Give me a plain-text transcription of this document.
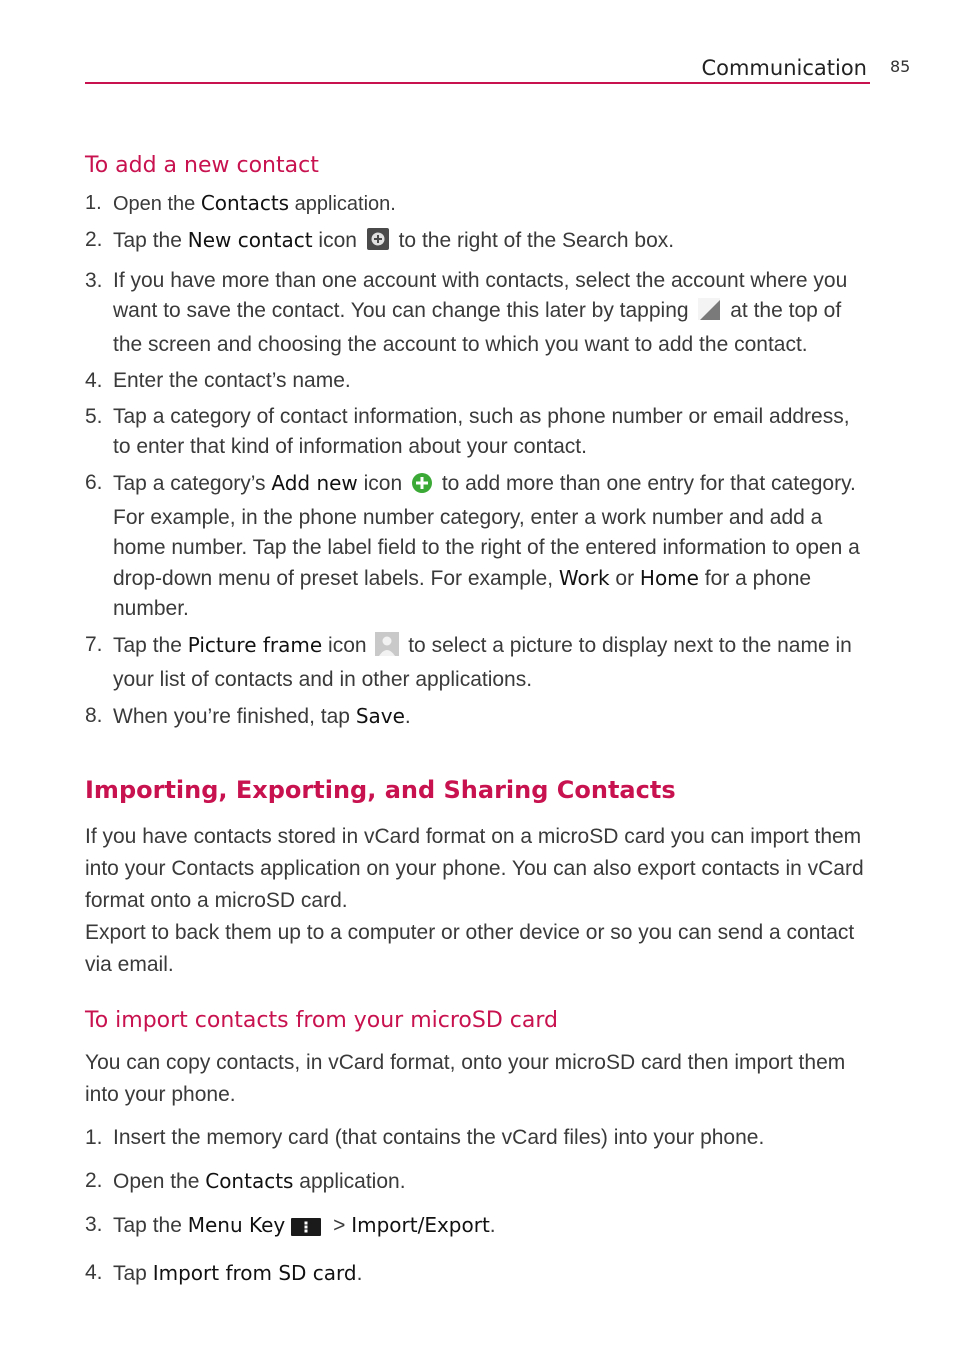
Communication 85
To add a new contact
1. Open the Contacts application.
2. Tap the New contact icon  to the right of the Search box.
3. If you have more than one account with contacts, select the account where you want to save the contact. You can change this later by tapping  at the top of the screen and choosing the account to which you want to add the contact.
4. Enter the contact’s name.
5. Tap a category of contact information, such as phone number or email address, to enter that kind of information about your contact.
6. Tap a category’s Add new icon  to add more than one entry for that category. For example, in the phone number category, enter a work number and add a home number. Tap the label field to the right of the entered information to open a drop-down menu of preset labels. For example, Work or Home for a phone number.
7. Tap the Picture frame icon  to select a picture to display next to the name in your list of contacts and in other applications.
8. When you’re finished, tap Save.
Importing, Exporting, and Sharing Contacts

If you have contacts stored in vCard format on a microSD card you can import them into your Contacts application on your phone. You can also export contacts in vCard format onto a microSD card.
Export to back them up to a computer or other device or so you can send a contact via email.

To import contacts from your microSD card

You can copy contacts, in vCard format, onto your microSD card then import them into your phone.

1. Insert the memory card (that contains the vCard files) into your phone.
2. Open the Contacts application.
3. Tap the Menu Key > Import/Export.
4. Tap Import from SD card.
